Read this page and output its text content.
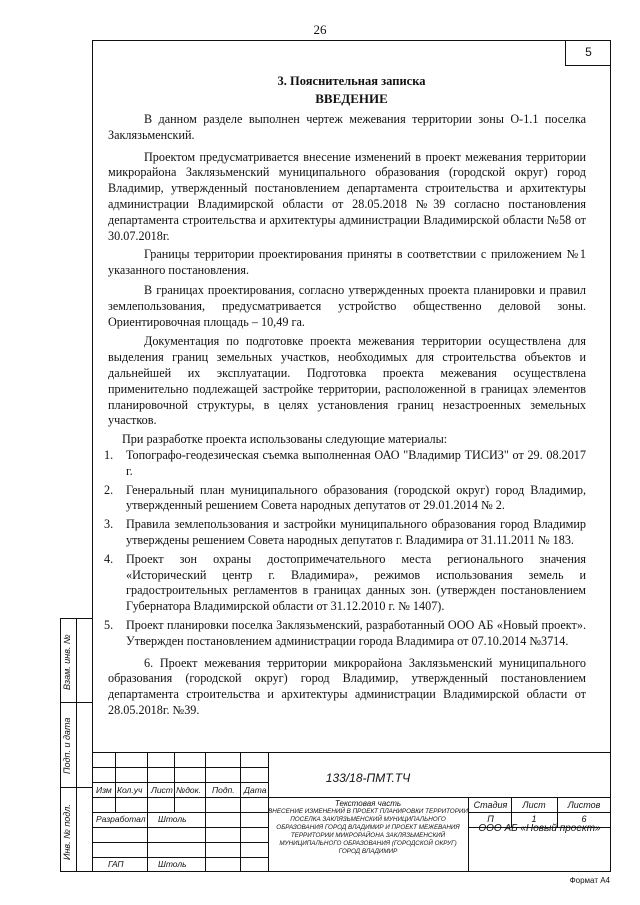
26
5
3. Пояснительная записка
ВВЕДЕНИЕ

В данном разделе выполнен чертеж межевания территории зоны О-1.1 поселка Заклязьменский.

Проектом предусматривается внесение изменений в проект межевания территории микрорайона Заклязьменский муниципального образования (городской округ) город Владимир, утвержденный постановлением департамента строительства и архитектуры администрации Владимирской области от 28.05.2018 №39 согласно постановления департамента строительства и архитектуры администрации Владимирской области №58 от 30.07.2018г.

Границы территории проектирования приняты в соответствии с приложением №1 указанного постановления.

В границах проектирования, согласно утвержденных проекта планировки и правил землепользования, предусматривается устройство общественно деловой зоны. Ориентировочная площадь – 10,49 га.

Документация по подготовке проекта межевания территории осуществлена для выделения границ земельных участков, необходимых для строительства объектов и дальнейшей их эксплуатации. Подготовка проекта межевания осуществлена применительно подлежащей застройке территории, расположенной в границах элементов планировочной структуры, в целях установления границ незастроенных земельных участков.

При разработке проекта использованы следующие материалы:

1. Топографо-геодезическая съемка выполненная ОАО "Владимир ТИСИЗ" от 29. 08.2017 г.
2. Генеральный план муниципального образования (городской округ) город Владимир, утвержденный решением Совета народных депутатов от 29.01.2014 № 2.
3. Правила землепользования и застройки муниципального образования город Владимир утверждены решением Совета народных депутатов г. Владимира от 31.11.2011 № 183.
4. Проект зон охраны достопримечательного места регионального значения «Исторический центр г. Владимира», режимов использования земель и градостроительных регламентов в границах данных зон. (утвержден постановлением Губернатора Владимирской области от 31.12.2010 г. № 1407).
5. Проект планировки поселка Заклязьменский, разработанный ООО АБ «Новый проект». Утвержден постановлением администрации города Владимира от 07.10.2014 №3714.

6. Проект межевания территории микрорайона Заклязьменский муниципального образования (городской округ) город Владимир, утвержденный постановлением департамента строительства и архитектуры администрации Владимирской области от 28.05.2018г. №39.

Взам. инв. №
Подп. и дата
Инв. № подл.
Изм Кол.уч Лист №док. Подп. Дата
Разработал Штоль
ГАП	Штоль
133/18-ПМТ.ТЧ
Текстовая часть
ВНЕСЕНИЕ ИЗМЕНЕНИЙ В ПРОЕКТ ПЛАНИРОВКИ ТЕРРИТОРИИ ПОСЕЛКА ЗАКЛЯЗЬМЕНСКИЙ МУНИЦИПАЛЬНОГО ОБРАЗОВАНИЯ ГОРОД ВЛАДИМИР И ПРОЕКТ МЕЖЕВАНИЯ ТЕРРИТОРИИ МИКРОРАЙОНА ЗАКЛЯЗЬМЕНСКИЙ МУНИЦИПАЛЬНОГО ОБРАЗОВАНИЯ (ГОРОДСКОЙ ОКРУГ) ГОРОД ВЛАДИМИР
Стадия	Лист	Листов
П	1	6
ООО АБ «Новый проект»
Формат А4
